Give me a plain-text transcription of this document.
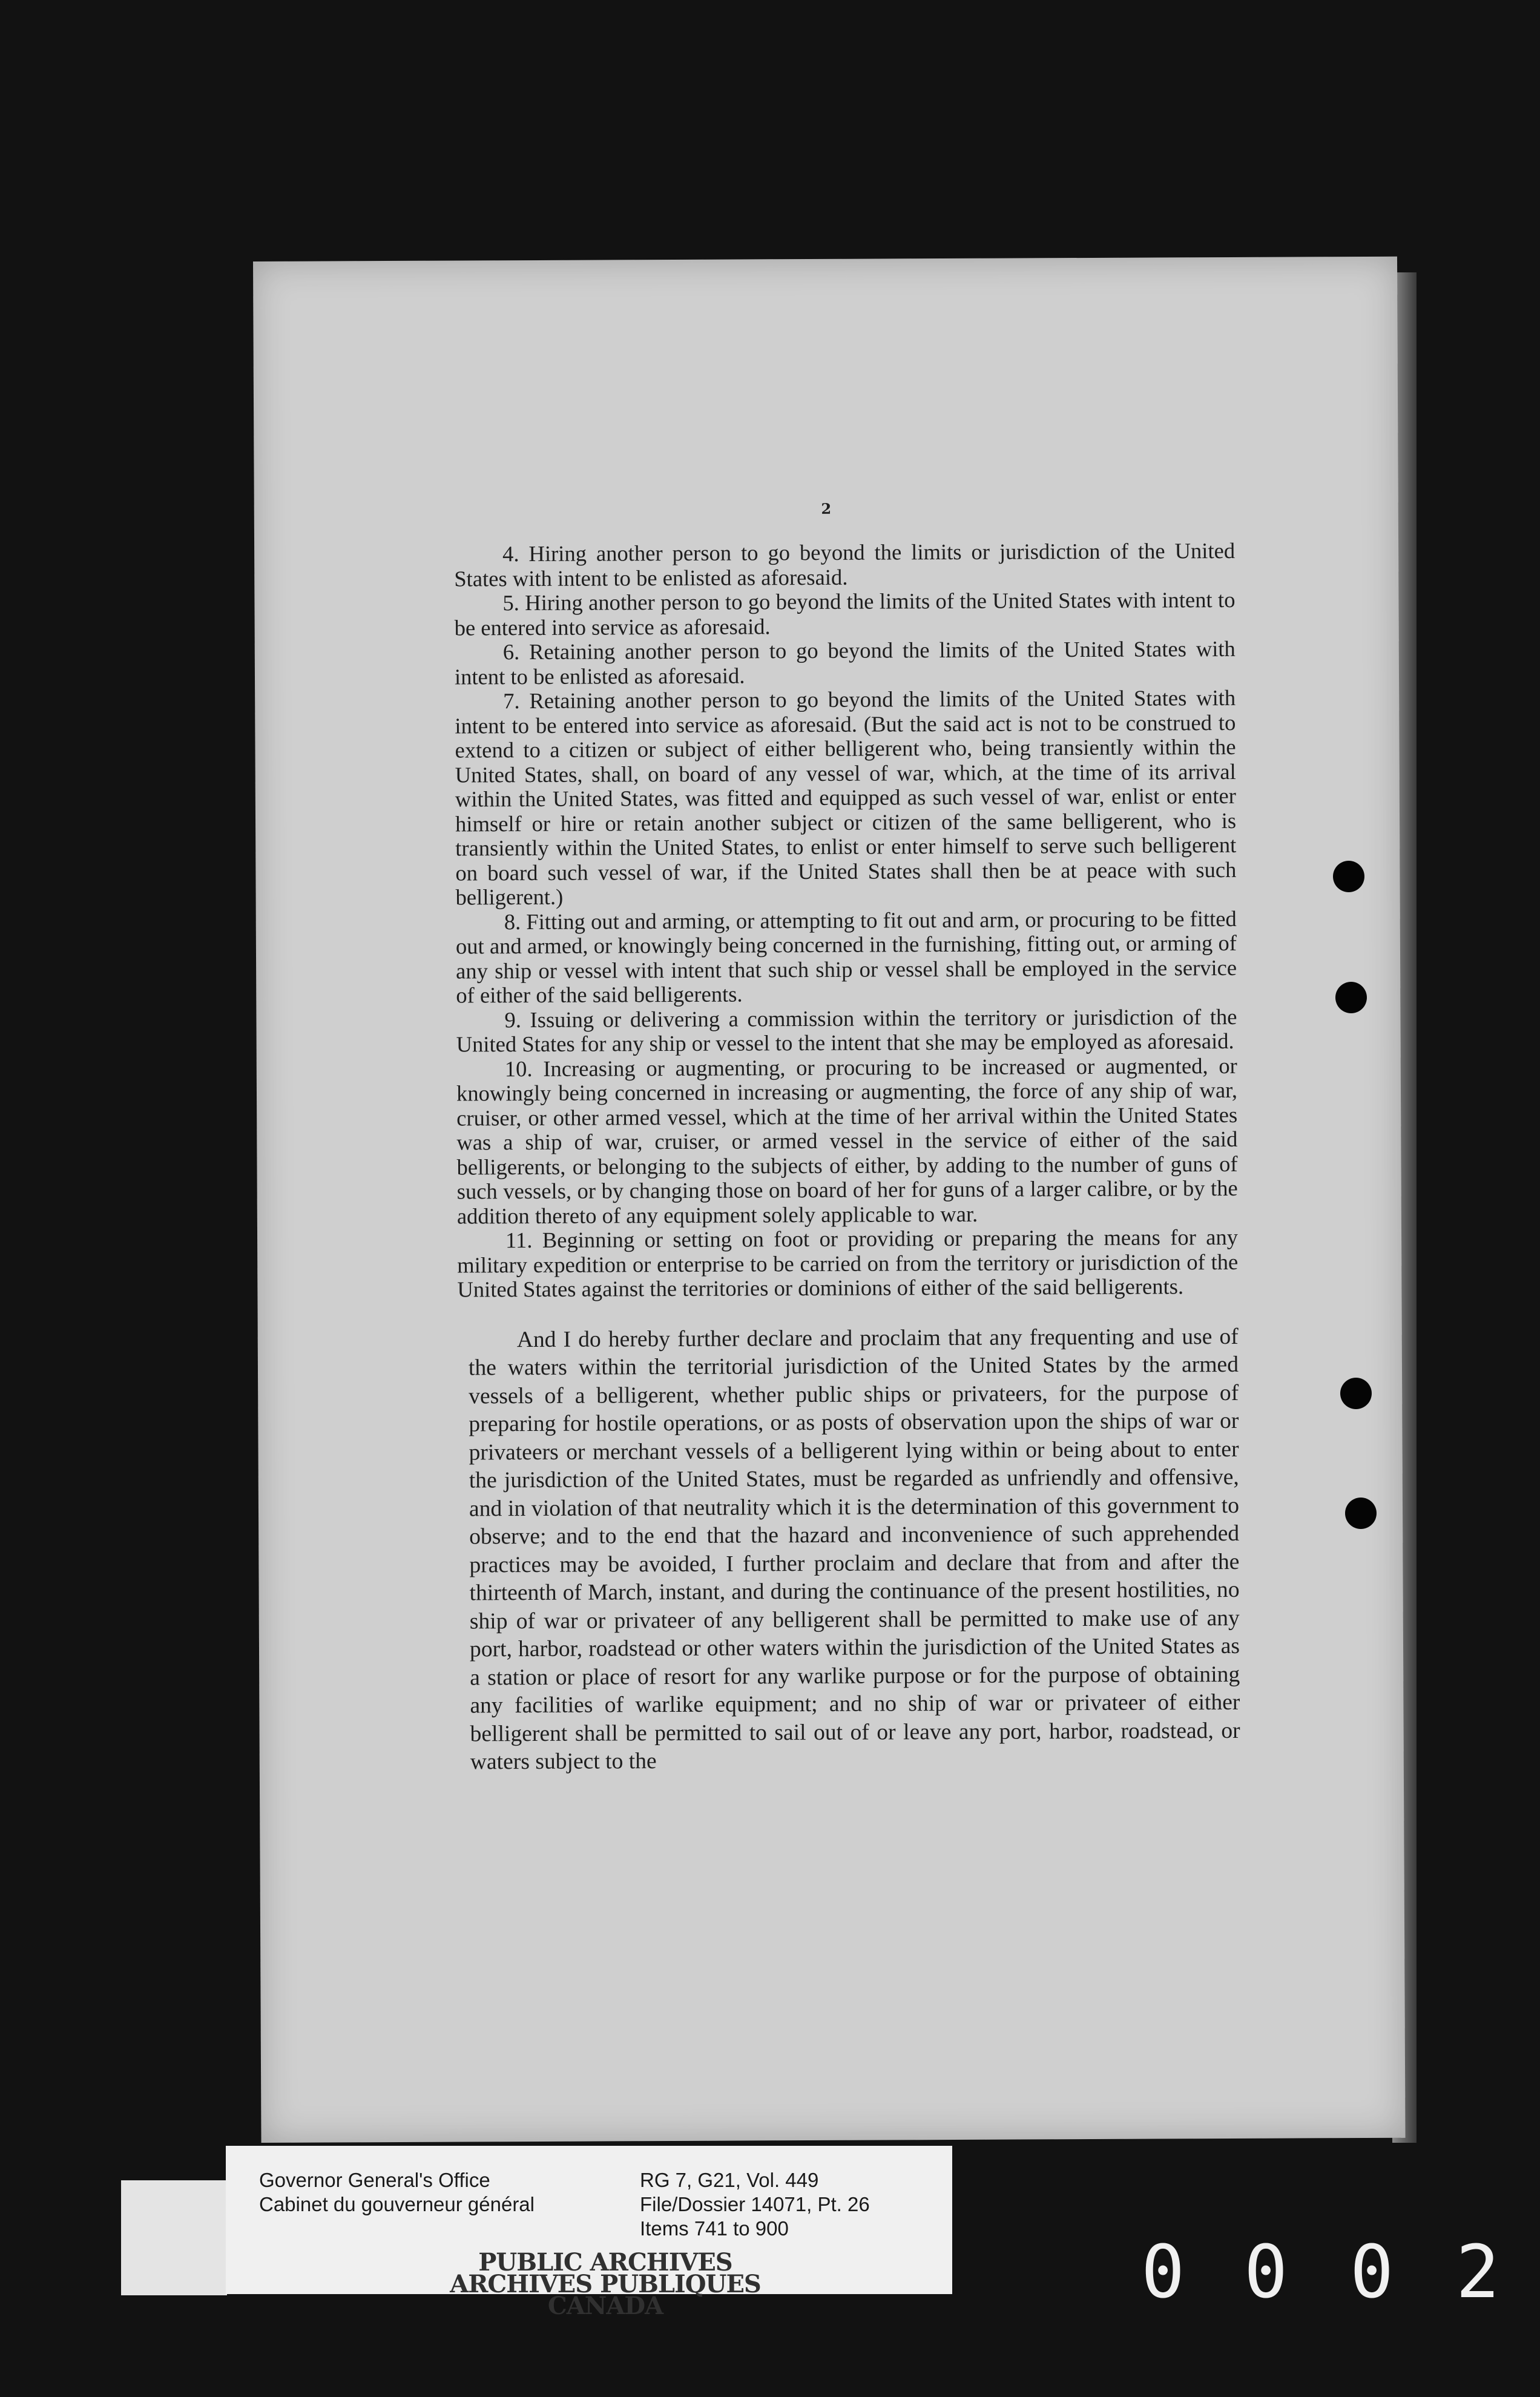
2

4. Hiring another person to go beyond the limits or jurisdiction of the United States with intent to be enlisted as aforesaid.

5. Hiring another person to go beyond the limits of the United States with intent to be entered into service as aforesaid.

6. Retaining another person to go beyond the limits of the United States with intent to be enlisted as aforesaid.

7. Retaining another person to go beyond the limits of the United States with intent to be entered into service as aforesaid. (But the said act is not to be construed to extend to a citizen or subject of either belligerent who, being transiently within the United States, shall, on board of any vessel of war, which, at the time of its arrival within the United States, was fitted and equipped as such vessel of war, enlist or enter himself or hire or retain another subject or citizen of the same belligerent, who is transiently within the United States, to enlist or enter himself to serve such belligerent on board such vessel of war, if the United States shall then be at peace with such belligerent.)

8. Fitting out and arming, or attempting to fit out and arm, or procuring to be fitted out and armed, or knowingly being concerned in the furnishing, fitting out, or arming of any ship or vessel with intent that such ship or vessel shall be employed in the service of either of the said belligerents.

9. Issuing or delivering a commission within the territory or jurisdiction of the United States for any ship or vessel to the intent that she may be employed as aforesaid.

10. Increasing or augmenting, or procuring to be increased or augmented, or knowingly being concerned in increasing or augmenting, the force of any ship of war, cruiser, or other armed vessel, which at the time of her arrival within the United States was a ship of war, cruiser, or armed vessel in the service of either of the said belligerents, or belonging to the subjects of either, by adding to the number of guns of such vessels, or by changing those on board of her for guns of a larger calibre, or by the addition thereto of any equipment solely applicable to war.

11. Beginning or setting on foot or providing or preparing the means for any military expedition or enterprise to be carried on from the territory or jurisdiction of the United States against the territories or dominions of either of the said belligerents.

And I do hereby further declare and proclaim that any frequenting and use of the waters within the territorial jurisdiction of the United States by the armed vessels of a belligerent, whether public ships or privateers, for the purpose of preparing for hostile operations, or as posts of observation upon the ships of war or privateers or merchant vessels of a belligerent lying within or being about to enter the jurisdiction of the United States, must be regarded as unfriendly and offensive, and in violation of that neutrality which it is the determination of this government to observe; and to the end that the hazard and inconvenience of such apprehended practices may be avoided, I further proclaim and declare that from and after the thirteenth of March, instant, and during the continuance of the present hostilities, no ship of war or privateer of any belligerent shall be permitted to make use of any port, harbor, roadstead or other waters within the jurisdiction of the United States as a station or place of resort for any warlike purpose or for the purpose of obtaining any facilities of warlike equipment; and no ship of war or privateer of either belligerent shall be permitted to sail out of or leave any port, harbor, roadstead, or waters subject to the

Governor General's Office
Cabinet du gouverneur général
RG 7, G21, Vol. 449
File/Dossier 14071, Pt. 26
Items 741 to 900
PUBLIC ARCHIVES
ARCHIVES PUBLIQUES
CANADA	0 0 0 2
